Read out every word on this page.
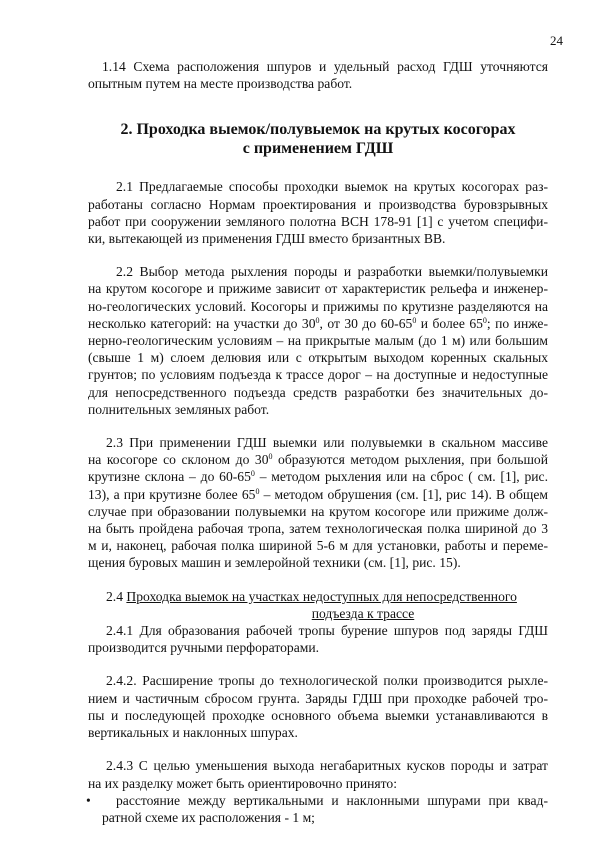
24

1.14 Схема расположения шпуров и удельный расход ГДШ уточняются
опытным путем на месте производства работ.

2. Проходка выемок/полувыемок на крутых косогорах
с применением ГДШ

2.1 Предлагаемые способы проходки выемок на крутых косогорах раз-
работаны согласно Нормам проектирования и производства буровзрывных
работ при сооружении земляного полотна ВСН 178-91 [1] с учетом специфи-
ки, вытекающей из применения ГДШ вместо бризантных ВВ.

2.2 Выбор метода рыхления породы и разработки выемки/полувыемки
на крутом косогоре и прижиме зависит от характеристик рельефа и инженер-
но-геологических условий. Косогоры и прижимы по крутизне разделяются на
несколько категорий: на участки до $30^0$, от 30 до $60-65^0$ и более $65^0$; по инже-
нерно-геологическим условиям – на прикрытые малым (до 1 м) или большим
(свыше 1 м) слоем делювия или с открытым выходом коренных скальных
грунтов; по условиям подъезда к трассе дорог – на доступные и недоступные
для непосредственного подъезда средств разработки без значительных до-
полнительных земляных работ.

2.3 При применении ГДШ выемки или полувыемки в скальном массиве
на косогоре со склоном до $30^0$ образуются методом рыхления, при большой
крутизне склона – до $60-65^0$ – методом рыхления или на сброс ( см. [1], рис.
13), а при крутизне более $65^0$ – методом обрушения (см. [1], рис 14). В общем
случае при образовании полувыемки на крутом косогоре или прижиме долж-
на быть пройдена рабочая тропа, затем технологическая полка шириной до 3
м и, наконец, рабочая полка шириной 5-6 м для установки, работы и переме-
щения буровых машин и землеройной техники (см. [1], рис. 15).

2.4 Проходка выемок на участках недоступных для непосредственного
подъезда к трассе

2.4.1 Для образования рабочей тропы бурение шпуров под заряды ГДШ
производится ручными перфораторами.

2.4.2. Расширение тропы до технологической полки производится рыхле-
нием и частичным сбросом грунта. Заряды ГДШ при проходке рабочей тро-
пы и последующей проходке основного объема выемки устанавливаются в
вертикальных и наклонных шпурах.

2.4.3 С целью уменьшения выхода негабаритных кусков породы и затрат
на их разделку может быть ориентировочно принято:

• расстояние между вертикальными и наклонными шпурами при квад-

ратной схеме их расположения - 1 м;
